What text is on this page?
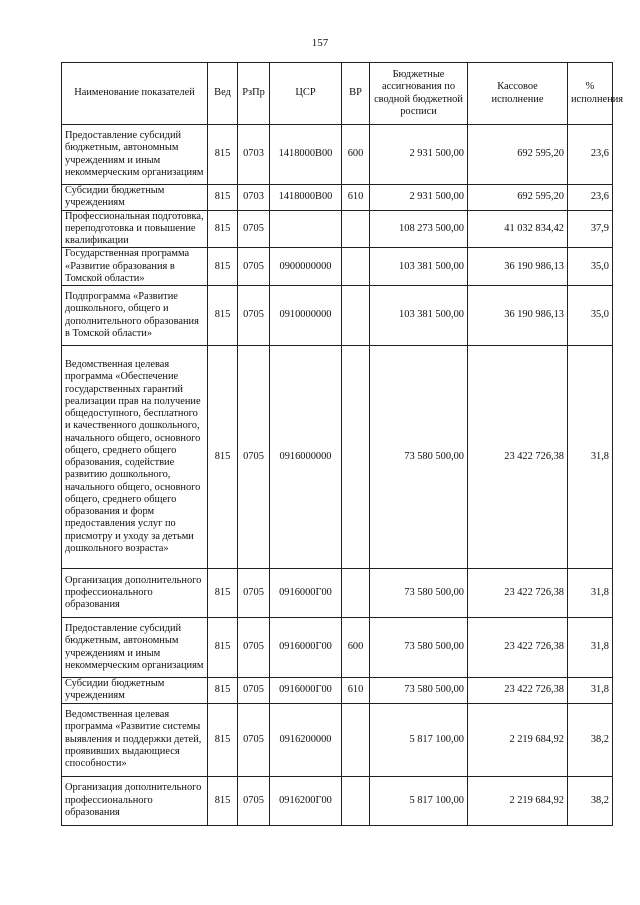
157
Наименование показателей	Вед	РзПр	ЦСР	ВР	Бюджетные ассигнования по сводной бюджетной росписи	Кассовое исполнение	% исполнения
Предоставление субсидий бюджетным, автономным учреждениям и иным некоммерческим организациям	815	0703	1418000В00	600	2 931 500,00	692 595,20	23,6
Субсидии бюджетным учреждениям	815	0703	1418000В00	610	2 931 500,00	692 595,20	23,6
Профессиональная подготовка, переподготовка и повышение квалификации	815	0705			108 273 500,00	41 032 834,42	37,9
Государственная программа «Развитие образования в Томской области»	815	0705	0900000000		103 381 500,00	36 190 986,13	35,0
Подпрограмма «Развитие дошкольного, общего и дополнительного образования в Томской области»	815	0705	0910000000		103 381 500,00	36 190 986,13	35,0
Ведомственная целевая программа «Обеспечение государственных гарантий реализации прав на получение общедоступного, бесплатного и качественного дошкольного, начального общего, основного общего, среднего общего образования, содействие развитию дошкольного, начального общего, основного общего, среднего общего образования и форм предоставления услуг по присмотру и уходу за детьми дошкольного возраста»	815	0705	0916000000		73 580 500,00	23 422 726,38	31,8
Организация дополнительного профессионального образования	815	0705	0916000Г00		73 580 500,00	23 422 726,38	31,8
Предоставление субсидий бюджетным, автономным учреждениям и иным некоммерческим организациям	815	0705	0916000Г00	600	73 580 500,00	23 422 726,38	31,8
Субсидии бюджетным учреждениям	815	0705	0916000Г00	610	73 580 500,00	23 422 726,38	31,8
Ведомственная целевая программа «Развитие системы выявления и поддержки детей, проявивших выдающиеся способности»	815	0705	0916200000		5 817 100,00	2 219 684,92	38,2
Организация дополнительного профессионального образования	815	0705	0916200Г00		5 817 100,00	2 219 684,92	38,2
